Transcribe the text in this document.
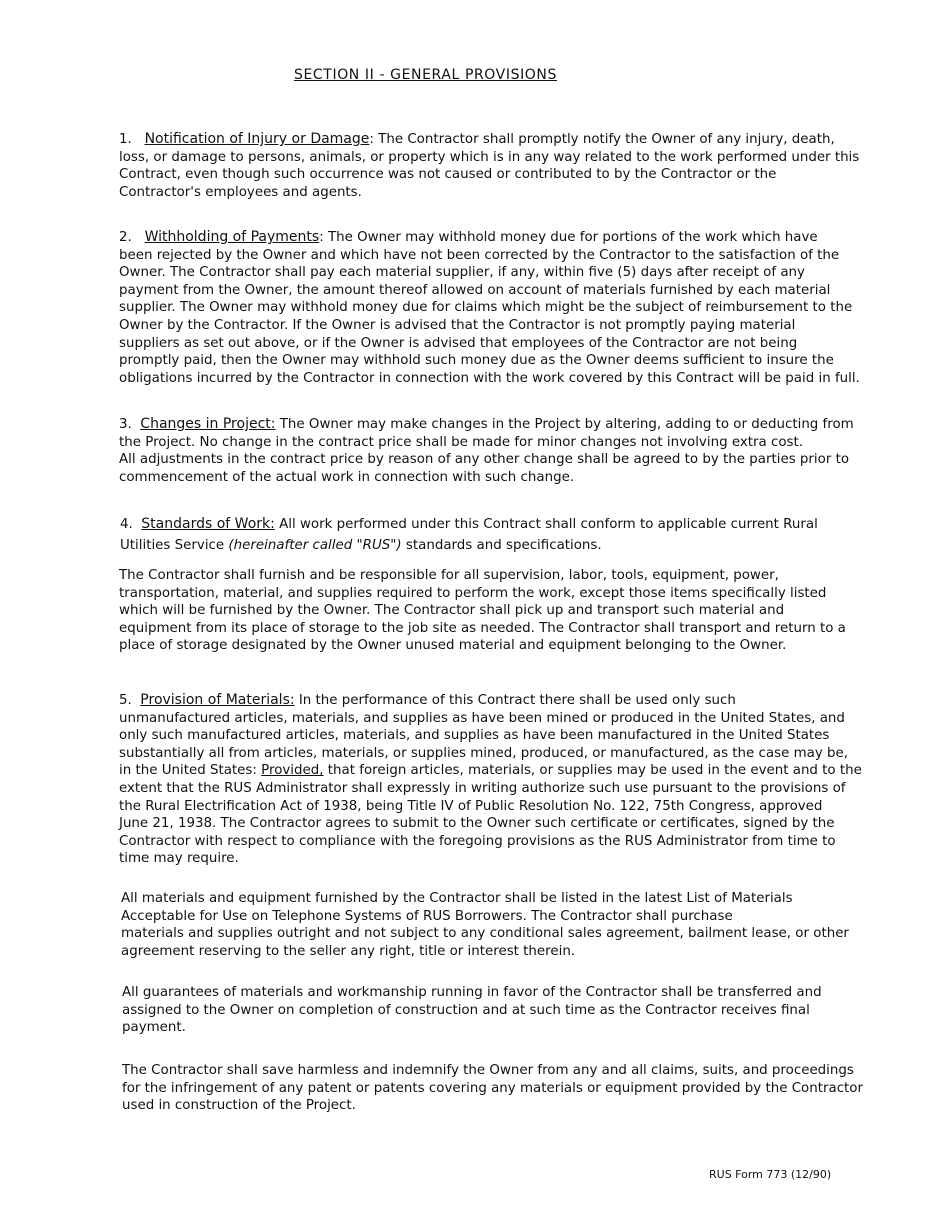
SECTION II - GENERAL PROVISIONS
1. Notification of Injury or Damage: The Contractor shall promptly notify the Owner of any injury, death,
loss, or damage to persons, animals, or property which is in any way related to the work performed under this
Contract, even though such occurrence was not caused or contributed to by the Contractor or the
Contractor's employees and agents.
2. Withholding of Payments: The Owner may withhold money due for portions of the work which have
been rejected by the Owner and which have not been corrected by the Contractor to the satisfaction of the
Owner. The Contractor shall pay each material supplier, if any, within five (5) days after receipt of any
payment from the Owner, the amount thereof allowed on account of materials furnished by each material
supplier. The Owner may withhold money due for claims which might be the subject of reimbursement to the
Owner by the Contractor. If the Owner is advised that the Contractor is not promptly paying material
suppliers as set out above, or if the Owner is advised that employees of the Contractor are not being
promptly paid, then the Owner may withhold such money due as the Owner deems sufficient to insure the
obligations incurred by the Contractor in connection with the work covered by this Contract will be paid in full.
3. Changes in Project: The Owner may make changes in the Project by altering, adding to or deducting from
the Project. No change in the contract price shall be made for minor changes not involving extra cost.
All adjustments in the contract price by reason of any other change shall be agreed to by the parties prior to
commencement of the actual work in connection with such change.
4. Standards of Work: All work performed under this Contract shall conform to applicable current Rural
Utilities Service (hereinafter called "RUS") standards and specifications.
The Contractor shall furnish and be responsible for all supervision, labor, tools, equipment, power,
transportation, material, and supplies required to perform the work, except those items specifically listed
which will be furnished by the Owner. The Contractor shall pick up and transport such material and
equipment from its place of storage to the job site as needed. The Contractor shall transport and return to a
place of storage designated by the Owner unused material and equipment belonging to the Owner.
5. Provision of Materials: In the performance of this Contract there shall be used only such
unmanufactured articles, materials, and supplies as have been mined or produced in the United States, and
only such manufactured articles, materials, and supplies as have been manufactured in the United States
substantially all from articles, materials, or supplies mined, produced, or manufactured, as the case may be,
in the United States: Provided, that foreign articles, materials, or supplies may be used in the event and to the
extent that the RUS Administrator shall expressly in writing authorize such use pursuant to the provisions of
the Rural Electrification Act of 1938, being Title IV of Public Resolution No. 122, 75th Congress, approved
June 21, 1938. The Contractor agrees to submit to the Owner such certificate or certificates, signed by the
Contractor with respect to compliance with the foregoing provisions as the RUS Administrator from time to
time may require.
All materials and equipment furnished by the Contractor shall be listed in the latest List of Materials
Acceptable for Use on Telephone Systems of RUS Borrowers. The Contractor shall purchase
materials and supplies outright and not subject to any conditional sales agreement, bailment lease, or other
agreement reserving to the seller any right, title or interest therein.
All guarantees of materials and workmanship running in favor of the Contractor shall be transferred and
assigned to the Owner on completion of construction and at such time as the Contractor receives final
payment.
The Contractor shall save harmless and indemnify the Owner from any and all claims, suits, and proceedings
for the infringement of any patent or patents covering any materials or equipment provided by the Contractor
used in construction of the Project.
RUS Form 773 (12/90)
